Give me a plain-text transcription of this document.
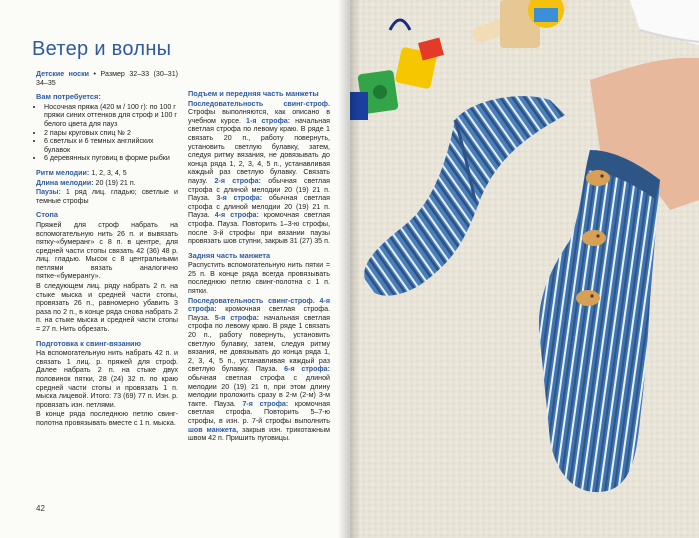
Ветер и волны

Детские носки • Размер 32–33 (30–31) 34–35

Вам потребуется:
• Носочная пряжа (420 м / 100 г): по 100 г пряжи синих оттенков для строф и 100 г белого цвета для пауз
• 2 пары круговых спиц № 2
• 6 светлых и 6 темных английских булавок
• 6 деревянных пуговиц в форме рыбки

Ритм мелодии: 1, 2, 3, 4, 5

Длина мелодии: 20 (19) 21 п.

Паузы: 1 ряд лиц. гладью; светлые и темные строфы

Стопа

Пряжей для строф набрать на вспомогательную нить 26 п. и вывязать пятку-«бумеранг» с 8 п. в центре, для средней части стопы связать 42 (36) 48 р. лиц. гладью. Мысок с 8 центральными петлями вязать аналогично пятке-«бумерангу».

В следующем лиц. ряду набрать 2 п. на стыке мыска и средней части стопы, провязать 26 п., равномерно убавить 3 раза по 2 п., в конце ряда снова набрать 2 п. на стыке мыска и средней части стопы = 27 п. Нить обрезать.

Подготовка к свинг-вязанию

На вспомогательную нить набрать 42 п. и связать 1 лиц. р. пряжей для строф. Далее набрать 2 п. на стыке двух половинок пятки, 28 (24) 32 п. по краю средней части стопы и провязать 1 п. мыска лицевой. Итого: 73 (69) 77 п. Изн. р. провязать изн. петлями.

В конце ряда последнюю петлю свинг-полотна провязывать вместе с 1 п. мыска.

Подъем и передняя часть манжеты

Последовательность свинг-строф. Строфы выполняются, как описано в учебном курсе. 1-я строфа: начальная светлая строфа по левому краю. В ряде 1 связать 20 п., работу повернуть, установить светлую булавку, затем, следуя ритму вязания, не довязывать до конца ряда 1, 2, 3, 4, 5 п., устанавливая каждый раз светлую булавку. Связать паузу. 2-я строфа: обычная светлая строфа с длиной мелодии 20 (19) 21 п. Пауза. 3-я строфа: обычная светлая строфа с длиной мелодии 20 (19) 21 п. Пауза. 4-я строфа: кромочная светлая строфа. Пауза. Повторить 1–3-ю строфы, после 3-й строфы при вязании паузы провязать шов ступни, закрыв 31 (27) 35 п.

Задняя часть манжета

Распустить вспомогательную нить пятки = 25 п. В конце ряда всегда провязывать последнюю петлю свинг-полотна с 1 п. пятки.

Последовательность свинг-строф. 4-я строфа: кромочная светлая строфа. Пауза. 5-я строфа: начальная светлая строфа по левому краю. В ряде 1 связать 20 п., работу повернуть, установить светлую булавку, затем, следуя ритму вязания, не довязывать до конца ряда 1, 2, 3, 4, 5 п., устанавливая каждый раз светлую булавку. Пауза. 6-я строфа: обычная светлая строфа с длиной мелодии 20 (19) 21 п, при этом длину мелодии проложить сразу в 2-м (2-м) 3-м такте. Пауза. 7-я строфа: кромочная светлая строфа. Повторить 5–7-ю строфы, в изн. р. 7-й строфы выполнить шов манжета, закрыв изн. трикотажным швом 42 п. Пришить пуговицы.

42
